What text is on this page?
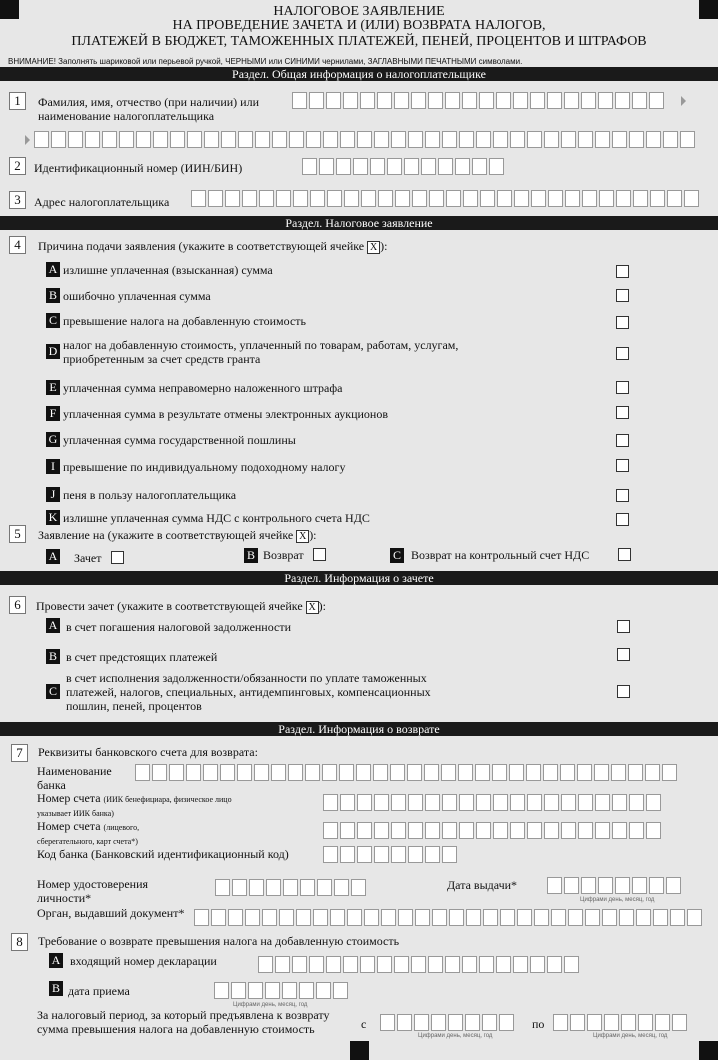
НАЛОГОВОЕ ЗАЯВЛЕНИЕ
НА ПРОВЕДЕНИЕ ЗАЧЕТА И (ИЛИ) ВОЗВРАТА НАЛОГОВ,
ПЛАТЕЖЕЙ В БЮДЖЕТ, ТАМОЖЕННЫХ ПЛАТЕЖЕЙ, ПЕНЕЙ, ПРОЦЕНТОВ И ШТРАФОВ
ВНИМАНИЕ! Заполнять шариковой или перьевой ручкой, ЧЕРНЫМИ или СИНИМИ чернилами, ЗАГЛАВНЫМИ ПЕЧАТНЫМИ символами.
Раздел. Общая информация о налогоплательщике
1	Фамилия, имя, отчество (при наличии) или наименование налогоплательщика
2	Идентификационный номер (ИИН/БИН)
3	Адрес налогоплательщика
Раздел. Налоговое заявление
4	Причина подачи заявления (укажите в соответствующей ячейке X ):
A излишне уплаченная (взысканная) сумма
B ошибочно уплаченная сумма
C превышение налога на добавленную стоимость
D налог на добавленную стоимость, уплаченный по товарам, работам, услугам, приобретенным за счет средств гранта
E уплаченная сумма неправомерно наложенного штрафа
F уплаченная сумма в результате отмены электронных аукционов
G уплаченная сумма государственной пошлины
I превышение по индивидуальному подоходному налогу
J пеня в пользу налогоплательщика
K излишне уплаченная сумма НДС с контрольного счета НДС
5	Заявление на (укажите в соответствующей ячейке X ):
A Зачет	B Возврат	C Возврат на контрольный счет НДС
Раздел. Информация о зачете
6	Провести зачет (укажите в соответствующей ячейке X ):
A в счет погашения налоговой задолженности
B в счет предстоящих платежей
C
в счет исполнения задолженности/обязанности по уплате таможенных платежей, налогов, специальных, антидемпинговых, компенсационных пошлин, пеней, процентов
Раздел. Информация о возврате
7	Реквизиты банковского счета для возврата:
Наименование банка
Номер счета (ИИК бенефициара, физическое лицо указывает ИИК банка)
Номер счета (лицевого, сберегательного, карт счета*)
Код банка (Банковский идентификационный код)
Номер удостоверения личности*
Дата выдачи*
Цифрами день, месяц, год
Орган, выдавший документ*
8	Требование о возврате превышения налога на добавленную стоимость
A входящий номер декларации
B дата приема
Цифрами день, месяц, год
За налоговый период, за который предъявлена к возврату сумма превышения налога на добавленную стоимость	с
Цифрами день, месяц, год
по
Цифрами день, месяц, год
